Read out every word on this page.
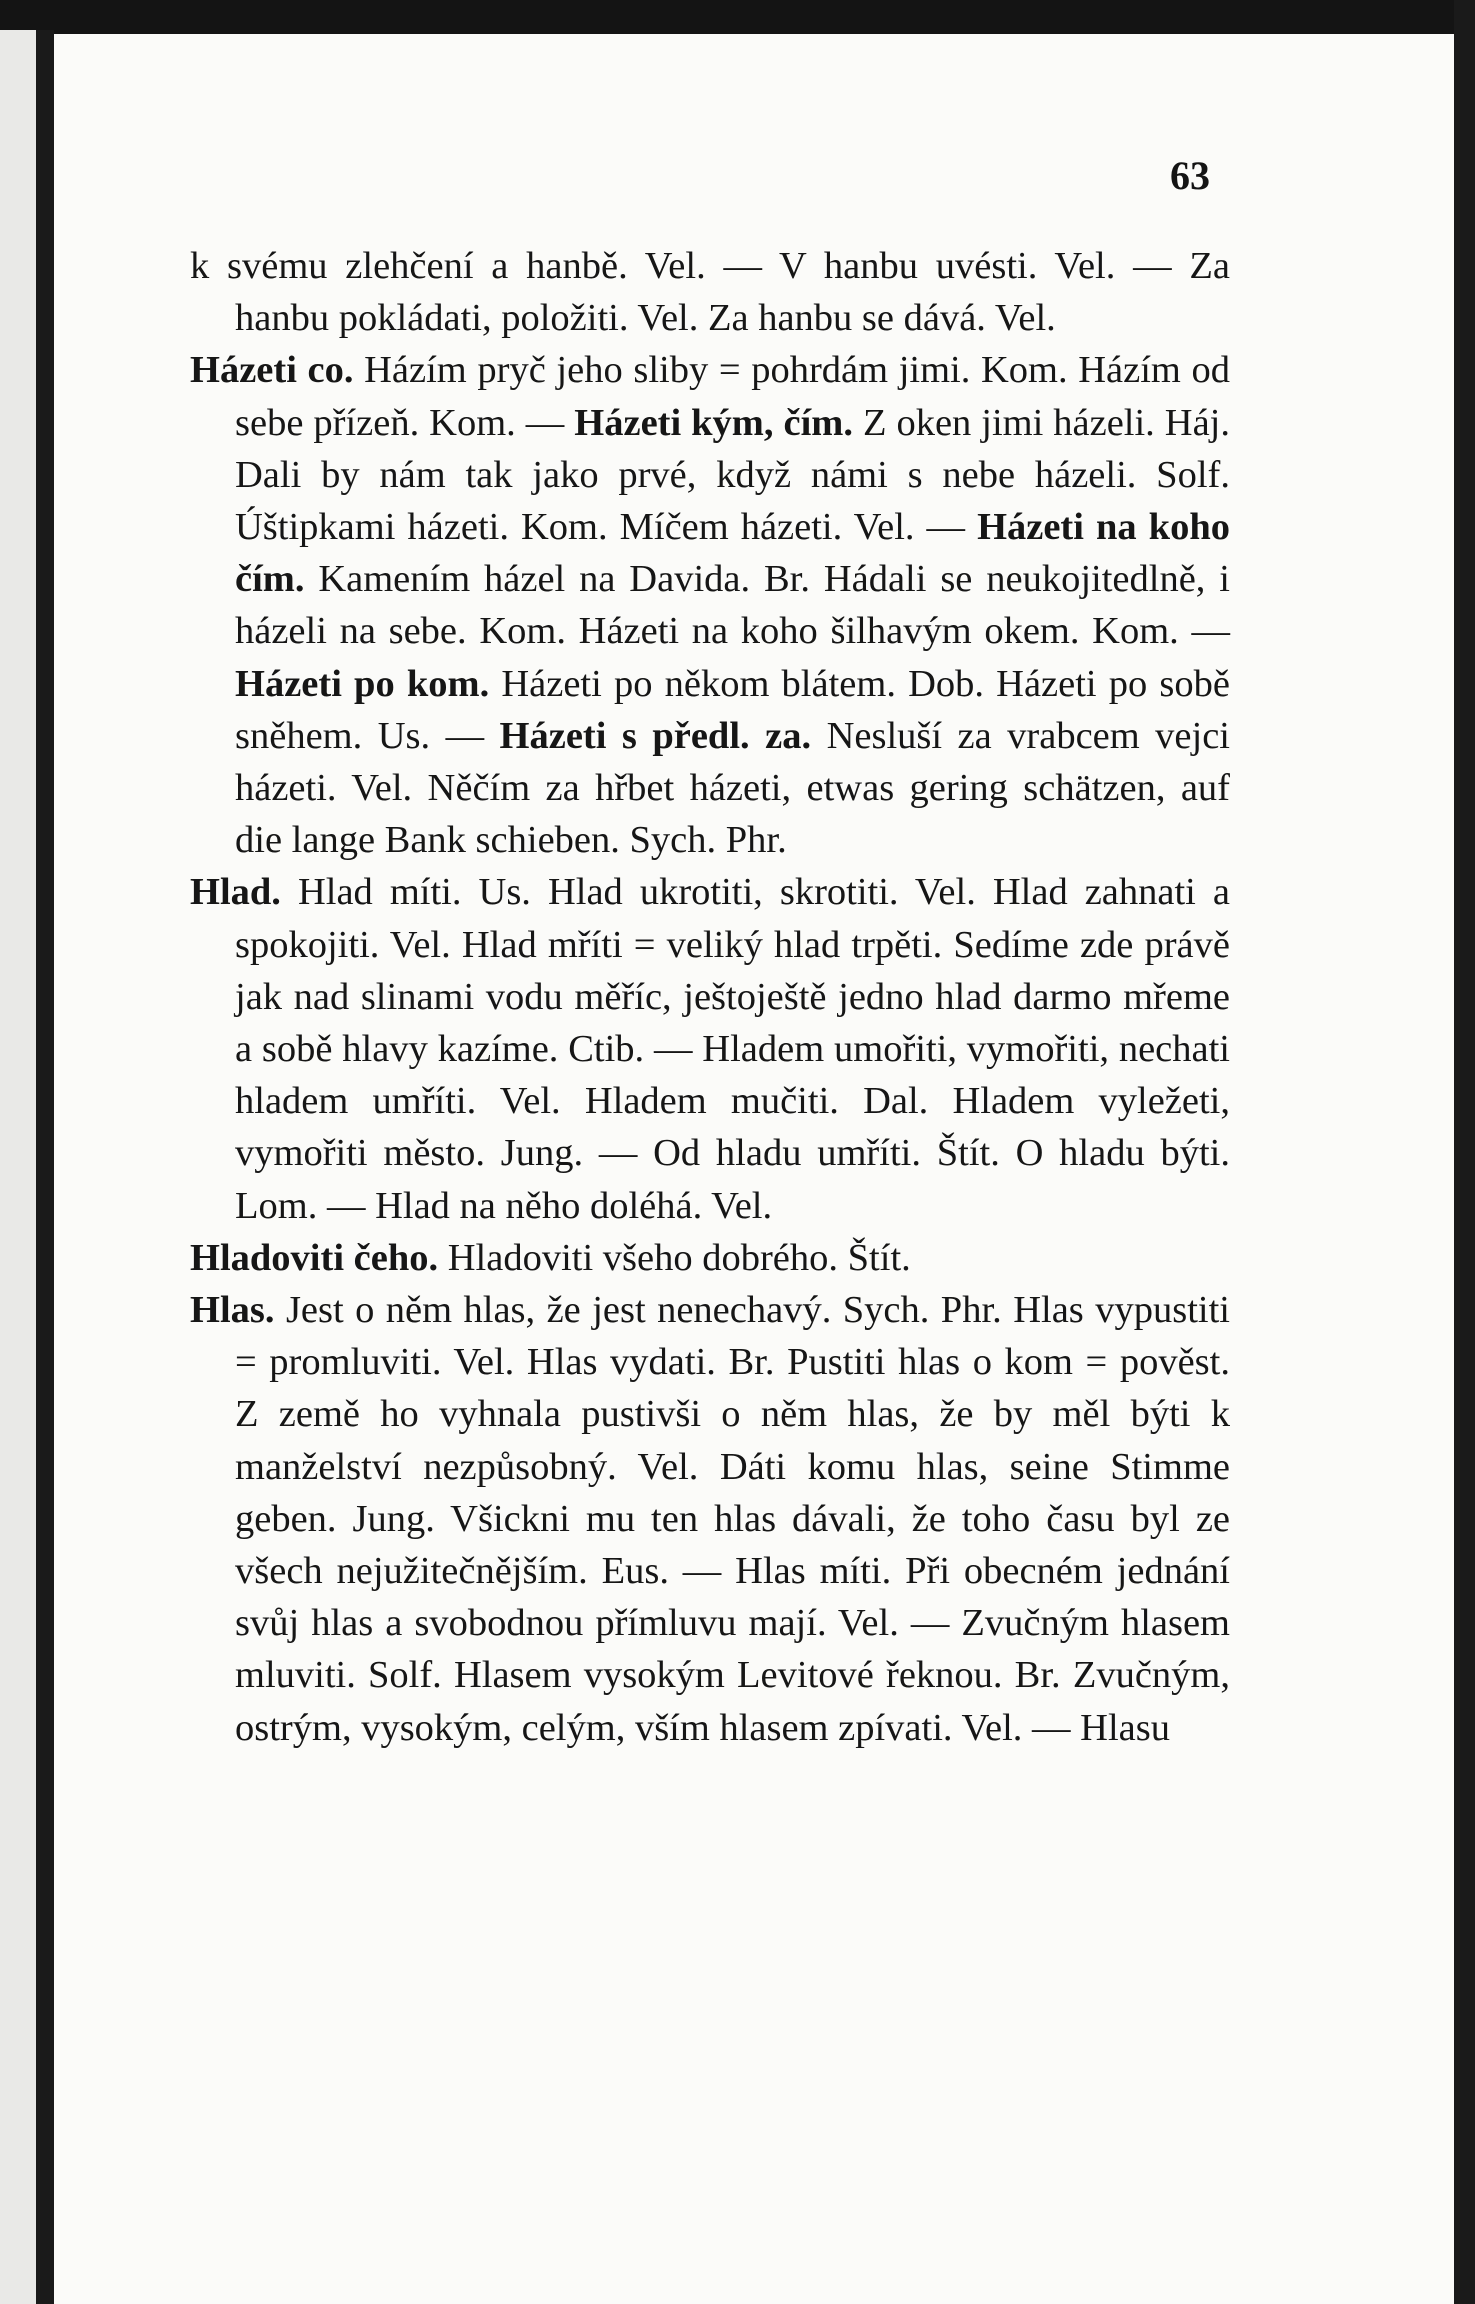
63

k svému zlehčení a hanbě. Vel. — V hanbu uvésti. Vel. — Za hanbu pokládati, položiti. Vel. Za hanbu se dává. Vel.

Házeti co. Házím pryč jeho sliby = pohrdám jimi. Kom. Házím od sebe přízeň. Kom. — Házeti kým, čím. Z oken jimi házeli. Háj. Dali by nám tak jako prvé, když námi s nebe házeli. Solf. Úštipkami házeti. Kom. Míčem házeti. Vel. — Házeti na koho čím. Kamením házel na Davida. Br. Hádali se neukojitedlně, i házeli na sebe. Kom. Házeti na koho šilhavým okem. Kom. — Házeti po kom. Házeti po někom blátem. Dob. Házeti po sobě sněhem. Us. — Házeti s předl. za. Nesluší za vrabcem vejci házeti. Vel. Něčím za hřbet házeti, etwas gering schätzen, auf die lange Bank schieben. Sych. Phr.

Hlad. Hlad míti. Us. Hlad ukrotiti, skrotiti. Vel. Hlad zahnati a spokojiti. Vel. Hlad mříti = veliký hlad trpěti. Sedíme zde právě jak nad slinami vodu měříc, ještoještě jedno hlad darmo mřeme a sobě hlavy kazíme. Ctib. — Hladem umořiti, vymořiti, nechati hladem umříti. Vel. Hladem mučiti. Dal. Hladem vyležeti, vymořiti město. Jung. — Od hladu umříti. Štít. O hladu býti. Lom. — Hlad na něho doléhá. Vel.

Hladoviti čeho. Hladoviti všeho dobrého. Štít.

Hlas. Jest o něm hlas, že jest nenechavý. Sych. Phr. Hlas vypustiti = promluviti. Vel. Hlas vydati. Br. Pustiti hlas o kom = pověst. Z země ho vyhnala pustivši o něm hlas, že by měl býti k manželství nezpůsobný. Vel. Dáti komu hlas, seine Stimme geben. Jung. Všickni mu ten hlas dávali, že toho času byl ze všech nejužitečnějším. Eus. — Hlas míti. Při obecném jednání svůj hlas a svobodnou přímluvu mají. Vel. — Zvučným hlasem mluviti. Solf. Hlasem vysokým Levitové řeknou. Br. Zvučným, ostrým, vysokým, celým, vším hlasem zpívati. Vel. — Hlasu
